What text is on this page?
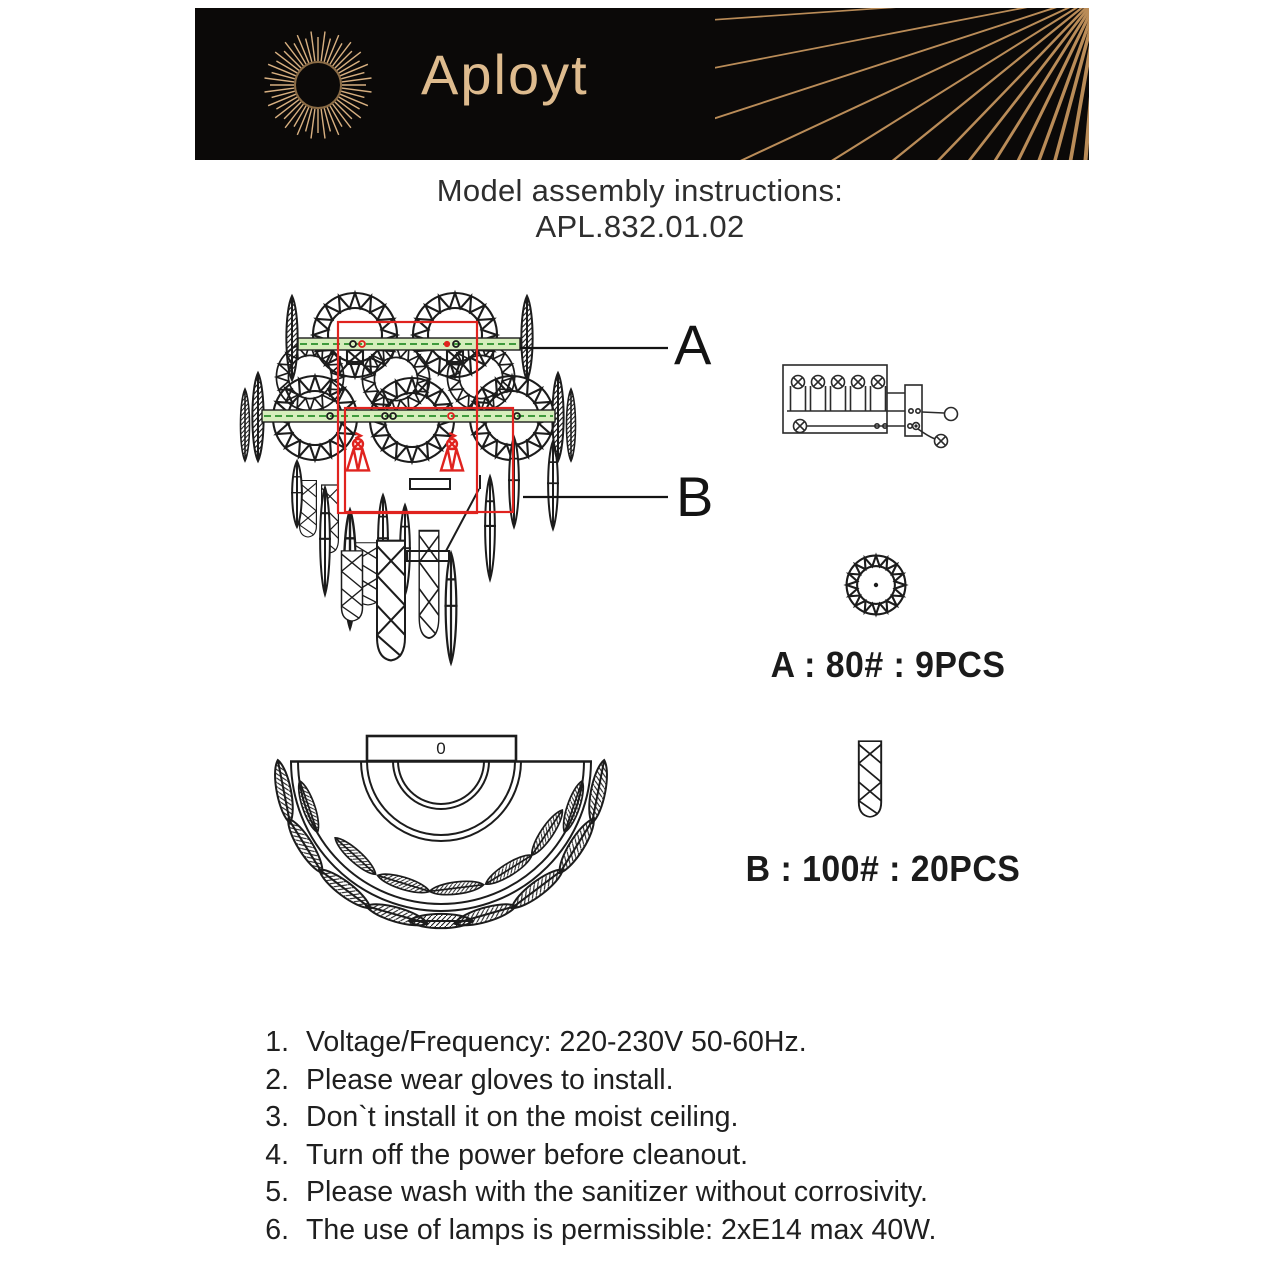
Aployt
Model assembly instructions:
APL.832.01.02
A
B
A : 80# : 9PCS
B : 100# : 20PCS
0
1. Voltage/Frequency: 220-230V 50-60Hz.
2. Please wear gloves to install.
3. Don`t install it on the moist ceiling.
4. Turn off the power before cleanout.
5. Please wash with the sanitizer without corrosivity.
6. The use of lamps is permissible: 2xE14 max 40W.
